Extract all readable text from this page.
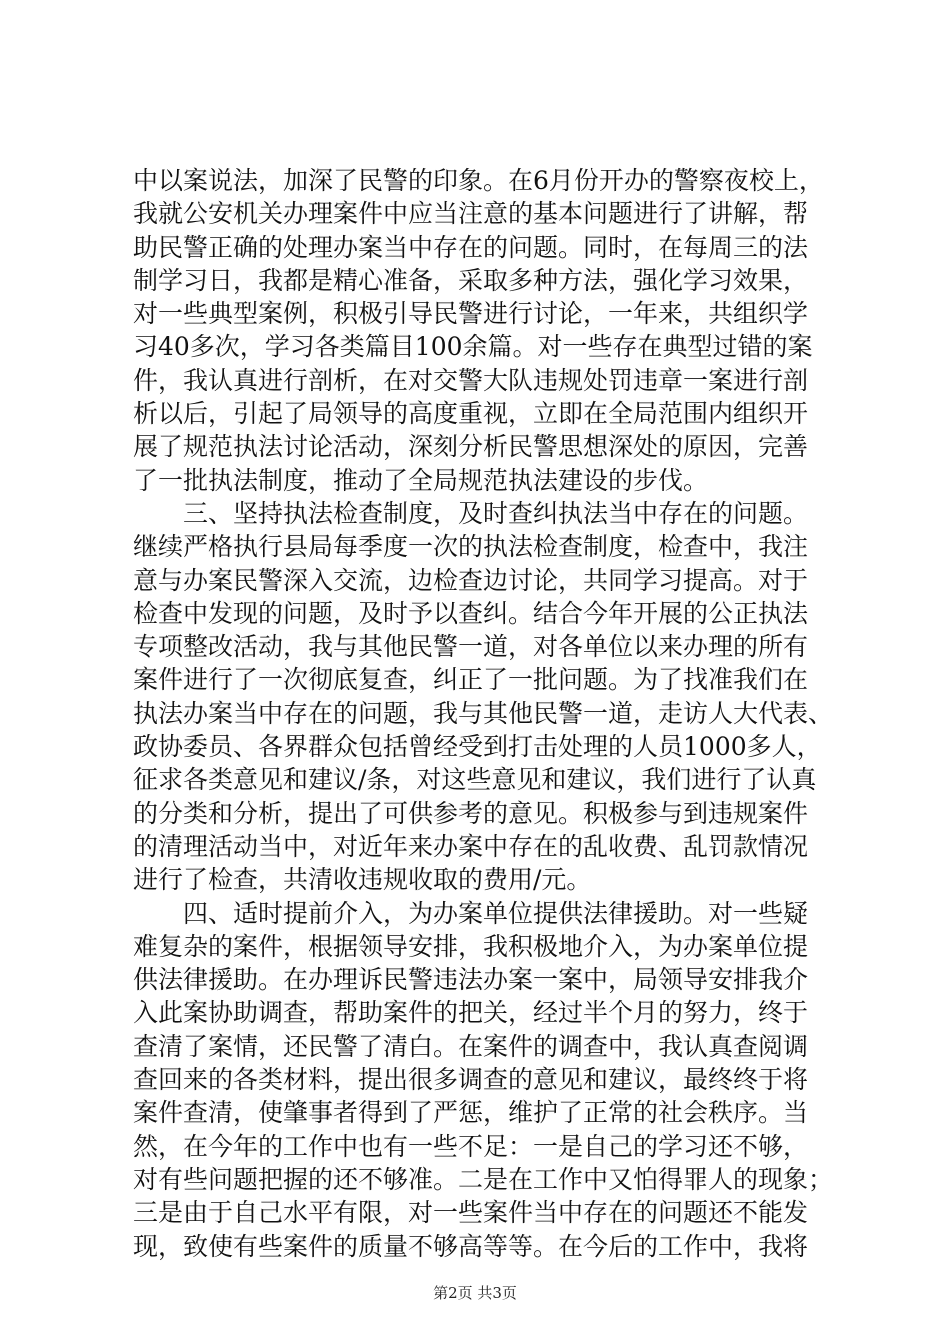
中以案说法，加深了民警的印象。在6月份开办的警察夜校上，
我就公安机关办理案件中应当注意的基本问题进行了讲解，帮
助民警正确的处理办案当中存在的问题。同时，在每周三的法
制学习日，我都是精心准备，采取多种方法，强化学习效果，
对一些典型案例，积极引导民警进行讨论，一年来，共组织学
习40多次，学习各类篇目100余篇。对一些存在典型过错的案
件，我认真进行剖析，在对交警大队违规处罚违章一案进行剖
析以后，引起了局领导的高度重视，立即在全局范围内组织开
展了规范执法讨论活动，深刻分析民警思想深处的原因，完善
了一批执法制度，推动了全局规范执法建设的步伐。
　　三、坚持执法检查制度，及时查纠执法当中存在的问题。
继续严格执行县局每季度一次的执法检查制度，检查中，我注
意与办案民警深入交流，边检查边讨论，共同学习提高。对于
检查中发现的问题，及时予以查纠。结合今年开展的公正执法
专项整改活动，我与其他民警一道，对各单位以来办理的所有
案件进行了一次彻底复查，纠正了一批问题。为了找准我们在
执法办案当中存在的问题，我与其他民警一道，走访人大代表、
政协委员、各界群众包括曾经受到打击处理的人员1000多人，
征求各类意见和建议/条，对这些意见和建议，我们进行了认真
的分类和分析，提出了可供参考的意见。积极参与到违规案件
的清理活动当中，对近年来办案中存在的乱收费、乱罚款情况
进行了检查，共清收违规收取的费用/元。
　　四、适时提前介入，为办案单位提供法律援助。对一些疑
难复杂的案件，根据领导安排，我积极地介入，为办案单位提
供法律援助。在办理诉民警违法办案一案中，局领导安排我介
入此案协助调查，帮助案件的把关，经过半个月的努力，终于
查清了案情，还民警了清白。在案件的调查中，我认真查阅调
查回来的各类材料，提出很多调查的意见和建议，最终终于将
案件查清，使肇事者得到了严惩，维护了正常的社会秩序。当
然，在今年的工作中也有一些不足：一是自己的学习还不够，
对有些问题把握的还不够准。二是在工作中又怕得罪人的现象；
三是由于自己水平有限，对一些案件当中存在的问题还不能发
现，致使有些案件的质量不够高等等。在今后的工作中，我将
第2页 共3页
